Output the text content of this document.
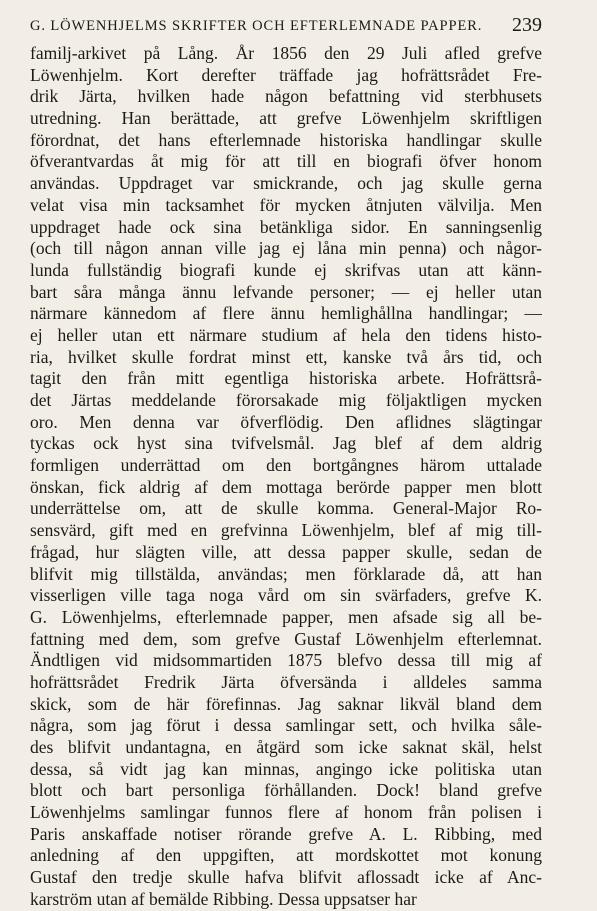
G. LÖWENHJELMS SKRIFTER OCH EFTERLEMNADE PAPPER. 239
familj-arkivet på Lång. År 1856 den 29 Juli afled grefve
Löwenhjelm. Kort derefter träffade jag hofrättsrådet Fre-
drik Järta, hvilken hade någon befattning vid sterbhusets
utredning. Han berättade, att grefve Löwenhjelm skriftligen
förordnat, det hans efterlemnade historiska handlingar skulle
öfverantvardas åt mig för att till en biografi öfver honom
användas. Uppdraget var smickrande, och jag skulle gerna
velat visa min tacksamhet för mycken åtnjuten välvilja. Men
uppdraget hade ock sina betänkliga sidor. En sanningsenlig
(och till någon annan ville jag ej låna min penna) och någor-
lunda fullständig biografi kunde ej skrifvas utan att känn-
bart såra många ännu lefvande personer; — ej heller utan
närmare kännedom af flere ännu hemlighållna handlingar; —
ej heller utan ett närmare studium af hela den tidens histo-
ria, hvilket skulle fordrat minst ett, kanske två års tid, och
tagit den från mitt egentliga historiska arbete. Hofrättsrå-
det Järtas meddelande förorsakade mig följaktligen mycken
oro. Men denna var öfverflödig. Den aflidnes slägtingar
tyckas ock hyst sina tvifvelsmål. Jag blef af dem aldrig
formligen underrättad om den bortgångnes härom uttalade
önskan, fick aldrig af dem mottaga berörde papper men blott
underrättelse om, att de skulle komma. General-Major Ro-
sensvärd, gift med en grefvinna Löwenhjelm, blef af mig till-
frågad, hur slägten ville, att dessa papper skulle, sedan de
blifvit mig tillstälda, användas; men förklarade då, att han
visserligen ville taga noga vård om sin svärfaders, grefve K.
G. Löwenhjelms, efterlemnade papper, men afsade sig all be-
fattning med dem, som grefve Gustaf Löwenhjelm efterlemnat.
Ändtligen vid midsommartiden 1875 blefvo dessa till mig af
hofrättsrådet Fredrik Järta öfversända i alldeles samma
skick, som de här förefinnas. Jag saknar likväl bland dem
några, som jag förut i dessa samlingar sett, och hvilka såle-
des blifvit undantagna, en åtgärd som icke saknat skäl, helst
dessa, så vidt jag kan minnas, angingo icke politiska utan
blott och bart personliga förhållanden. Dock! bland grefve
Löwenhjelms samlingar funnos flere af honom från polisen i
Paris anskaffade notiser rörande grefve A. L. Ribbing, med
anledning af den uppgiften, att mordskottet mot konung
Gustaf den tredje skulle hafva blifvit aflossadt icke af Anc-
karström utan af bemälde Ribbing. Dessa uppsatser har
